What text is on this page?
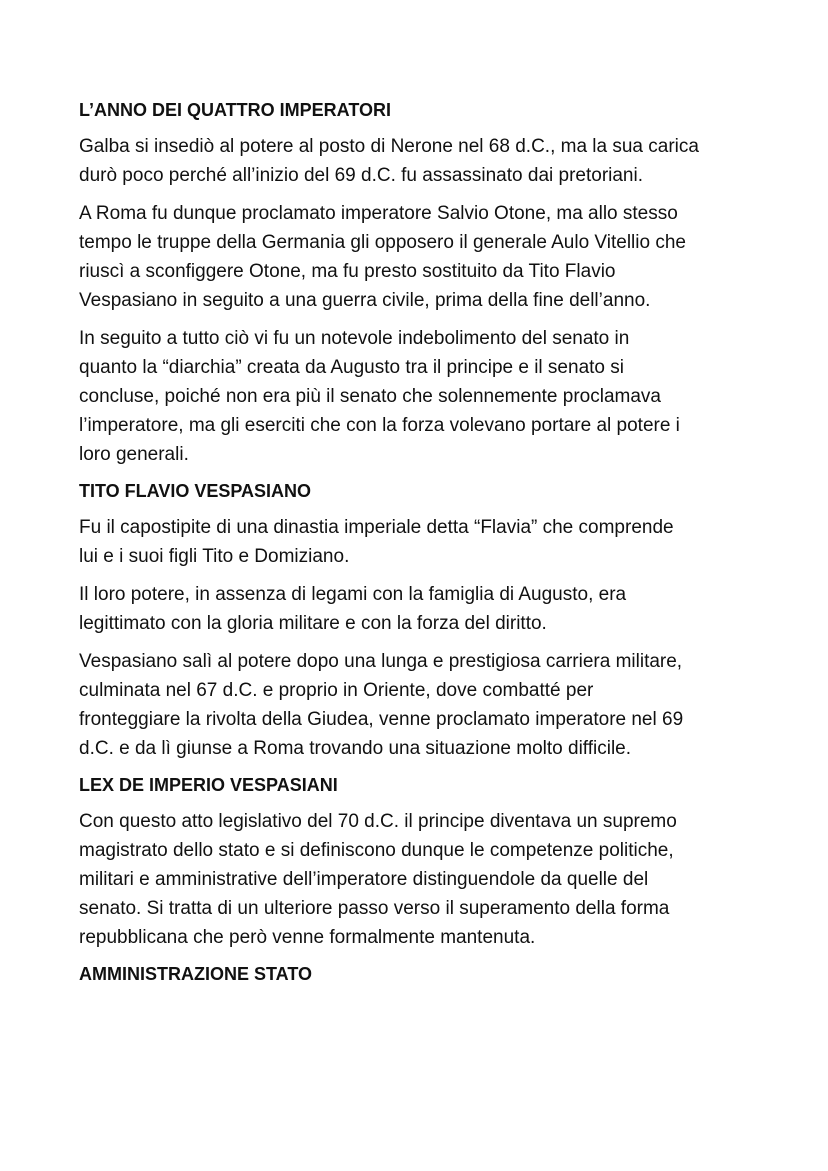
L’ANNO DEI QUATTRO IMPERATORI
Galba si insediò al potere al posto di Nerone nel 68 d.C., ma la sua carica
durò poco perché all’inizio del 69 d.C. fu assassinato dai pretoriani.
A Roma fu dunque proclamato imperatore Salvio Otone, ma allo stesso
tempo le truppe della Germania gli opposero il generale Aulo Vitellio che
riuscì a sconfiggere Otone, ma fu presto sostituito da Tito Flavio
Vespasiano in seguito a una guerra civile, prima della fine dell’anno.
In seguito a tutto ciò vi fu un notevole indebolimento del senato in
quanto la “diarchia” creata da Augusto tra il principe e il senato si
concluse, poiché non era più il senato che solennemente proclamava
l’imperatore, ma gli eserciti che con la forza volevano portare al potere i
loro generali.
TITO FLAVIO VESPASIANO
Fu il capostipite di una dinastia imperiale detta “Flavia” che comprende
lui e i suoi figli Tito e Domiziano.
Il loro potere, in assenza di legami con la famiglia di Augusto, era
legittimato con la gloria militare e con la forza del diritto.
Vespasiano salì al potere dopo una lunga e prestigiosa carriera militare,
culminata nel 67 d.C. e proprio in Oriente, dove combatté per
fronteggiare la rivolta della Giudea, venne proclamato imperatore nel 69
d.C. e da lì giunse a Roma trovando una situazione molto difficile.
LEX DE IMPERIO VESPASIANI
Con questo atto legislativo del 70 d.C. il principe diventava un supremo
magistrato dello stato e si definiscono dunque le competenze politiche,
militari e amministrative dell’imperatore distinguendole da quelle del
senato. Si tratta di un ulteriore passo verso il superamento della forma
repubblicana che però venne formalmente mantenuta.
AMMINISTRAZIONE STATO
